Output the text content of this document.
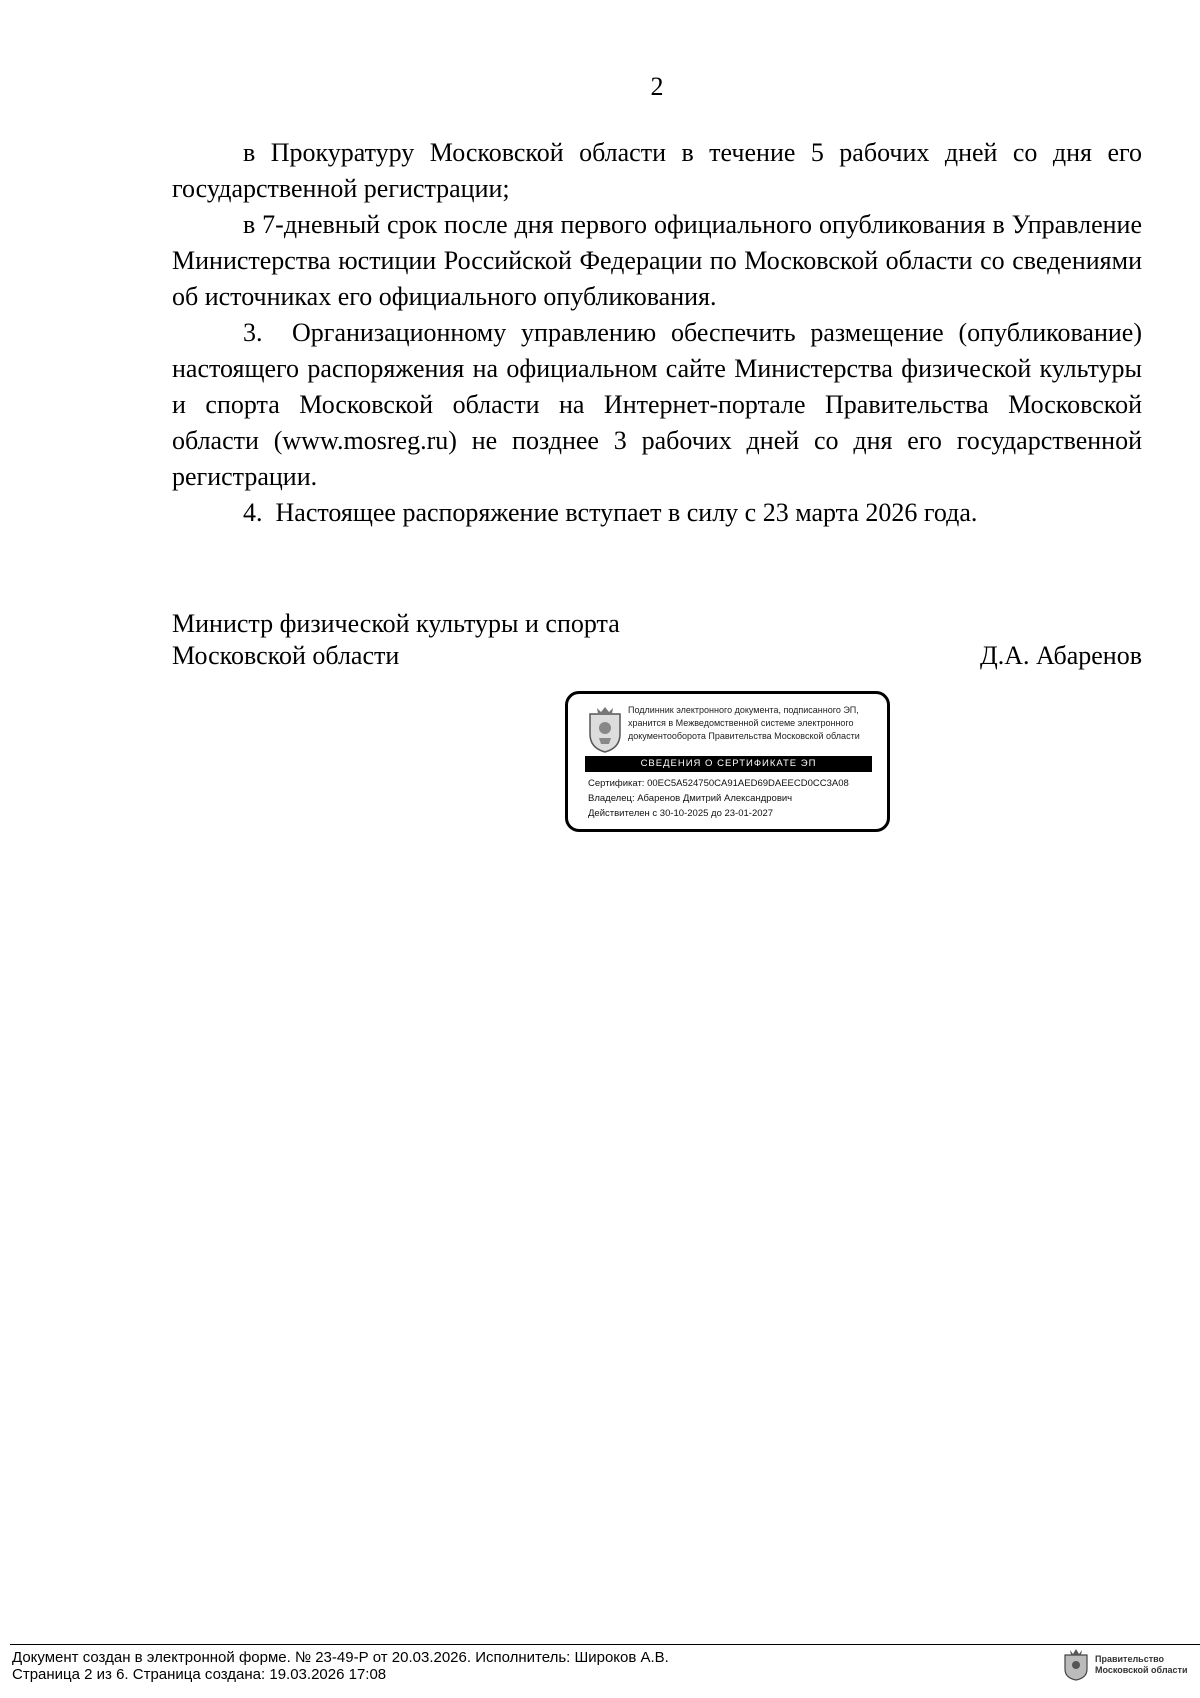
2

в Прокуратуру Московской области в течение 5 рабочих дней со дня его государственной регистрации;

в 7-дневный срок после дня первого официального опубликования в Управление Министерства юстиции Российской Федерации по Московской области со сведениями об источниках его официального опубликования.

3.  Организационному управлению обеспечить размещение (опубликование) настоящего распоряжения на официальном сайте Министерства физической культуры и спорта Московской области на Интернет-портале Правительства Московской области (www.mosreg.ru) не позднее 3 рабочих дней со дня его государственной регистрации.

4.  Настоящее распоряжение вступает в силу с 23 марта 2026 года.

Министр физической культуры и спорта
Московской области	Д.А. Абаренов
Подлинник электронного документа, подписанного ЭП,
хранится в Межведомственной системе электронного
документооборота Правительства Московской области
СВЕДЕНИЯ О СЕРТИФИКАТЕ ЭП
Сертификат: 00EC5A524750CA91AED69DAEECD0CC3A08
Владелец: Абаренов Дмитрий Александрович
Действителен с 30-10-2025 до 23-01-2027
Документ создан в электронной форме. № 23-49-Р от 20.03.2026. Исполнитель: Широков А.В.
Страница 2 из 6. Страница создана: 19.03.2026 17:08
Правительство
Московской области
